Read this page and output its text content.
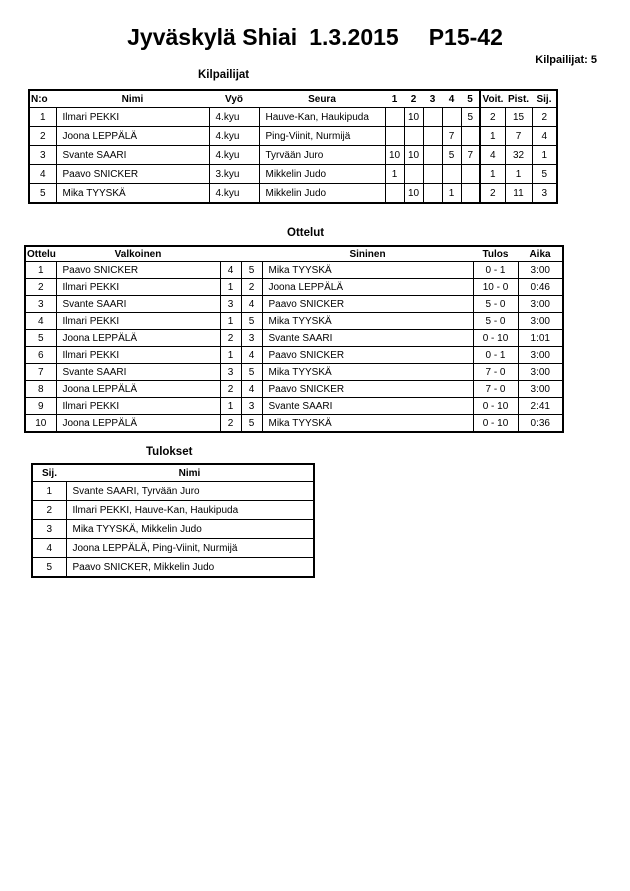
Jyväskylä Shiai 1.3.2015 P15-42
Kilpailijat: 5
Kilpailijat
N:o	Nimi	Vyö	Seura	1	2	3	4	5	Voit.	Pist.	Sij.
1	Ilmari PEKKI	4.kyu	Hauve-Kan, Haukipuda		10			5	2	15	2
2	Joona LEPPÄLÄ	4.kyu	Ping-Viinit, Nurmijä				7		1	7	4
3	Svante SAARI	4.kyu	Tyrvään Juro	10	10		5	7	4	32	1
4	Paavo SNICKER	3.kyu	Mikkelin Judo	1					1	1	5
5	Mika TYYSKÄ	4.kyu	Mikkelin Judo		10		1		2	11	3
Ottelut
Ottelu	Valkoinen			Sininen	Tulos	Aika
1	Paavo SNICKER	4	5	Mika TYYSKÄ	0 - 1	3:00
2	Ilmari PEKKI	1	2	Joona LEPPÄLÄ	10 - 0	0:46
3	Svante SAARI	3	4	Paavo SNICKER	5 - 0	3:00
4	Ilmari PEKKI	1	5	Mika TYYSKÄ	5 - 0	3:00
5	Joona LEPPÄLÄ	2	3	Svante SAARI	0 - 10	1:01
6	Ilmari PEKKI	1	4	Paavo SNICKER	0 - 1	3:00
7	Svante SAARI	3	5	Mika TYYSKÄ	7 - 0	3:00
8	Joona LEPPÄLÄ	2	4	Paavo SNICKER	7 - 0	3:00
9	Ilmari PEKKI	1	3	Svante SAARI	0 - 10	2:41
10	Joona LEPPÄLÄ	2	5	Mika TYYSKÄ	0 - 10	0:36
Tulokset
Sij.	Nimi
1	Svante SAARI, Tyrvään Juro
2	Ilmari PEKKI, Hauve-Kan, Haukipuda
3	Mika TYYSKÄ, Mikkelin Judo
4	Joona LEPPÄLÄ, Ping-Viinit, Nurmijä
5	Paavo SNICKER, Mikkelin Judo
